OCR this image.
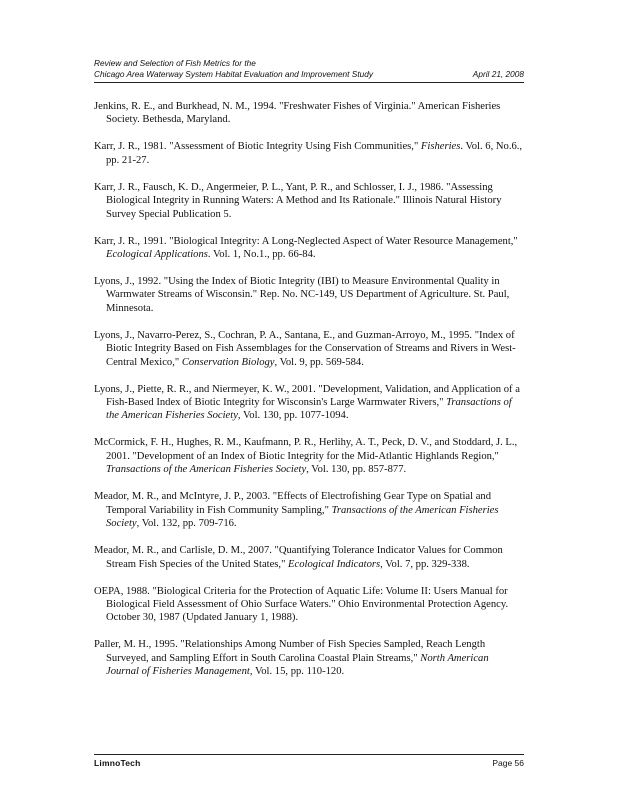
Review and Selection of Fish Metrics for the
Chicago Area Waterway System Habitat Evaluation and Improvement Study	April 21, 2008
Jenkins, R. E., and Burkhead, N. M., 1994. "Freshwater Fishes of Virginia." American Fisheries Society. Bethesda, Maryland.
Karr, J. R., 1981. "Assessment of Biotic Integrity Using Fish Communities," Fisheries. Vol. 6, No.6., pp. 21-27.
Karr, J. R., Fausch, K. D., Angermeier, P. L., Yant, P. R., and Schlosser, I. J., 1986. "Assessing Biological Integrity in Running Waters: A Method and Its Rationale." Illinois Natural History Survey Special Publication 5.
Karr, J. R., 1991. "Biological Integrity: A Long-Neglected Aspect of Water Resource Management," Ecological Applications. Vol. 1, No.1., pp. 66-84.
Lyons, J., 1992. "Using the Index of Biotic Integrity (IBI) to Measure Environmental Quality in Warmwater Streams of Wisconsin." Rep. No. NC-149, US Department of Agriculture. St. Paul, Minnesota.
Lyons, J., Navarro-Perez, S., Cochran, P. A., Santana, E., and Guzman-Arroyo, M., 1995. "Index of Biotic Integrity Based on Fish Assemblages for the Conservation of Streams and Rivers in West-Central Mexico," Conservation Biology, Vol. 9, pp. 569-584.
Lyons, J., Piette, R. R., and Niermeyer, K. W., 2001. "Development, Validation, and Application of a Fish-Based Index of Biotic Integrity for Wisconsin's Large Warmwater Rivers," Transactions of the American Fisheries Society, Vol. 130, pp. 1077-1094.
McCormick, F. H., Hughes, R. M., Kaufmann, P. R., Herlihy, A. T., Peck, D. V., and Stoddard, J. L., 2001. "Development of an Index of Biotic Integrity for the Mid-Atlantic Highlands Region," Transactions of the American Fisheries Society, Vol. 130, pp. 857-877.
Meador, M. R., and McIntyre, J. P., 2003. "Effects of Electrofishing Gear Type on Spatial and Temporal Variability in Fish Community Sampling," Transactions of the American Fisheries Society, Vol. 132, pp. 709-716.
Meador, M. R., and Carlisle, D. M., 2007. "Quantifying Tolerance Indicator Values for Common Stream Fish Species of the United States," Ecological Indicators, Vol. 7, pp. 329-338.
OEPA, 1988. "Biological Criteria for the Protection of Aquatic Life: Volume II: Users Manual for Biological Field Assessment of Ohio Surface Waters." Ohio Environmental Protection Agency. October 30, 1987 (Updated January 1, 1988).
Paller, M. H., 1995. "Relationships Among Number of Fish Species Sampled, Reach Length Surveyed, and Sampling Effort in South Carolina Coastal Plain Streams," North American Journal of Fisheries Management, Vol. 15, pp. 110-120.
LimnoTech	Page 56
